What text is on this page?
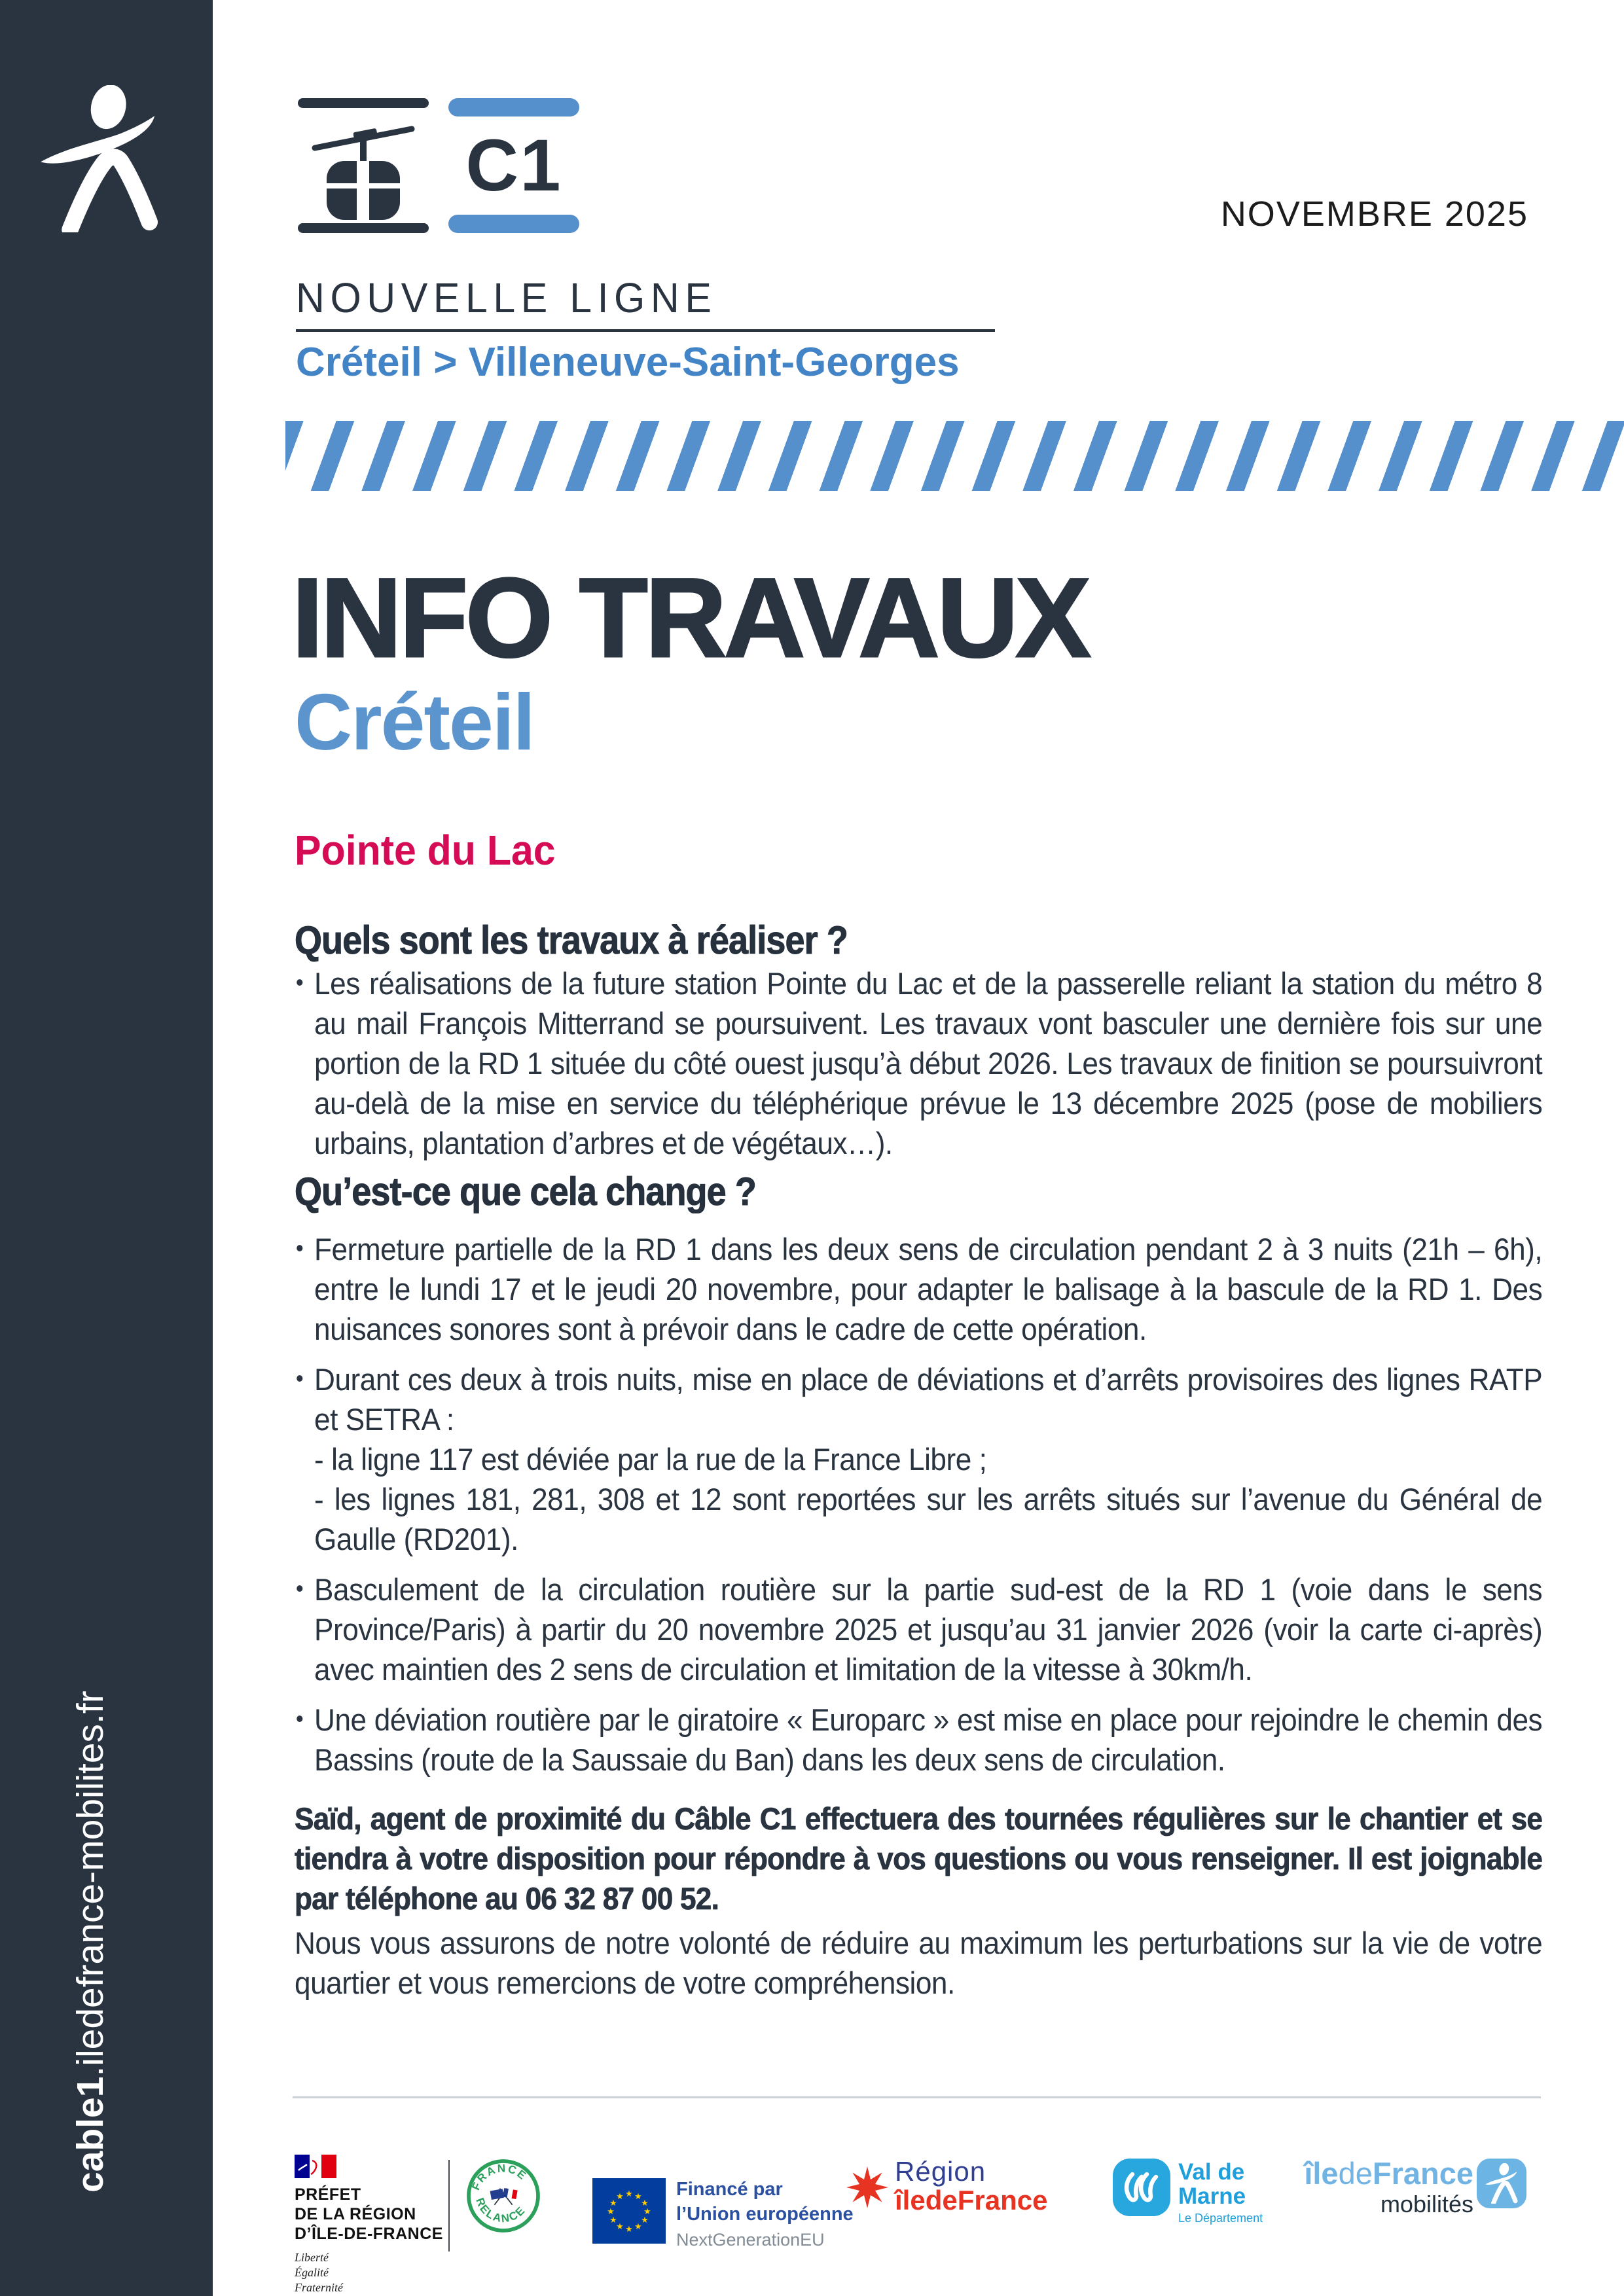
cable1.iledefrance-mobilites.fr
C1
NOVEMBRE 2025
NOUVELLE LIGNE
Créteil > Villeneuve-Saint-Georges
INFO TRAVAUX
Créteil
Pointe du Lac
Quels sont les travaux à réaliser ?
• Les réalisations de la future station Pointe du Lac et de la passerelle reliant la station du métro 8 au mail François Mitterrand se poursuivent. Les travaux vont basculer une dernière fois sur une portion de la RD 1 située du côté ouest jusqu’à début 2026. Les travaux de finition se poursuivront au-delà de la mise en service du téléphérique prévue le 13 décembre 2025 (pose de mobiliers urbains, plantation d’arbres et de végétaux…).
Qu’est-ce que cela change ?
• Fermeture partielle de la RD 1 dans les deux sens de circulation pendant 2 à 3 nuits (21h – 6h), entre le lundi 17 et le jeudi 20 novembre, pour adapter le balisage à la bascule de la RD 1. Des nuisances sonores sont à prévoir dans le cadre de cette opération.
• Durant ces deux à trois nuits, mise en place de déviations et d’arrêts provisoires des lignes RATP et SETRA :
- la ligne 117 est déviée par la rue de la France Libre ;
- les lignes 181, 281, 308 et 12 sont reportées sur les arrêts situés sur l’avenue du Général de Gaulle (RD201).
• Basculement de la circulation routière sur la partie sud-est de la RD 1 (voie dans le sens Province/Paris) à partir du 20 novembre 2025 et jusqu’au 31 janvier 2026 (voir la carte ci-après) avec maintien des 2 sens de circulation et limitation de la vitesse à 30km/h.
• Une déviation routière par le giratoire « Europarc » est mise en place pour rejoindre le chemin des Bassins (route de la Saussaie du Ban) dans les deux sens de circulation.
Saïd, agent de proximité du Câble C1 effectuera des tournées régulières sur le chantier et se tiendra à votre disposition pour répondre à vos questions ou vous renseigner. Il est joignable par téléphone au 06 32 87 00 52.
Nous vous assurons de notre volonté de réduire au maximum les perturbations sur la vie de votre quartier et vous remercions de votre compréhension.
PRÉFET
DE LA RÉGION
D’ÎLE-DE-FRANCE
Liberté
Égalité
Fraternité
FRANCE
RELANCE
★ ★
★
★
★
★
★
★
★
★
★
★	Financé par
l’Union européenne
NextGenerationEU
Région
îledeFrance
Val de
Marne
Le Département
îledeFrance
mobilités
